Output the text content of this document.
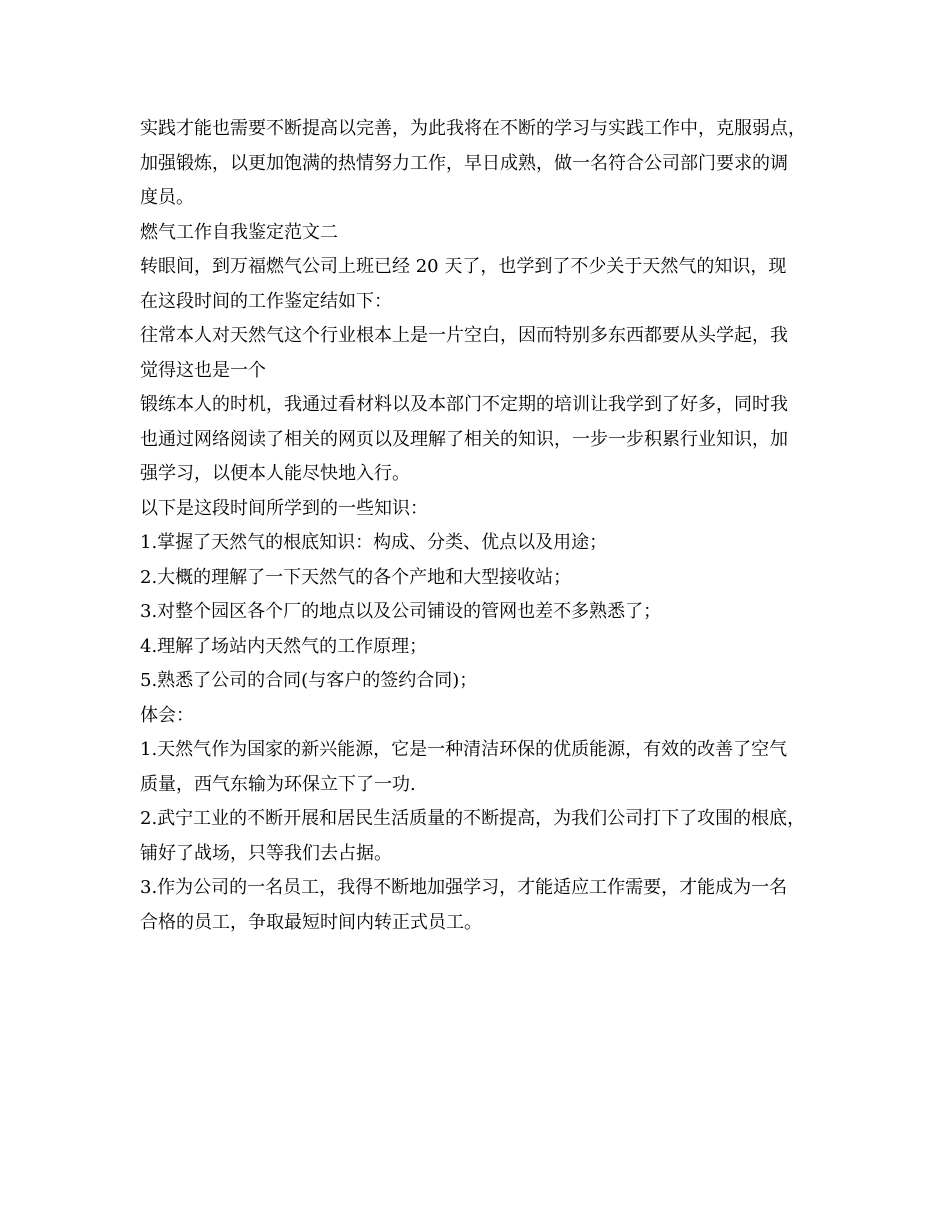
实践才能也需要不断提高以完善，为此我将在不断的学习与实践工作中，克服弱点，
加强锻炼，以更加饱满的热情努力工作，早日成熟，做一名符合公司部门要求的调
度员。
燃气工作自我鉴定范文二
转眼间，到万福燃气公司上班已经 20 天了，也学到了不少关于天然气的知识，现
在这段时间的工作鉴定结如下：
往常本人对天然气这个行业根本上是一片空白，因而特别多东西都要从头学起，我
觉得这也是一个
锻练本人的时机，我通过看材料以及本部门不定期的培训让我学到了好多，同时我
也通过网络阅读了相关的网页以及理解了相关的知识，一步一步积累行业知识，加
强学习，以便本人能尽快地入行。
以下是这段时间所学到的一些知识：
1.掌握了天然气的根底知识：构成、分类、优点以及用途；
2.大概的理解了一下天然气的各个产地和大型接收站；
3.对整个园区各个厂的地点以及公司铺设的管网也差不多熟悉了；
4.理解了场站内天然气的工作原理；
5.熟悉了公司的合同(与客户的签约合同)；
体会：
1.天然气作为国家的新兴能源，它是一种清洁环保的优质能源，有效的改善了空气
质量，西气东输为环保立下了一功.
2.武宁工业的不断开展和居民生活质量的不断提高，为我们公司打下了攻围的根底，
铺好了战场，只等我们去占据。
3.作为公司的一名员工，我得不断地加强学习，才能适应工作需要，才能成为一名
合格的员工，争取最短时间内转正式员工。
